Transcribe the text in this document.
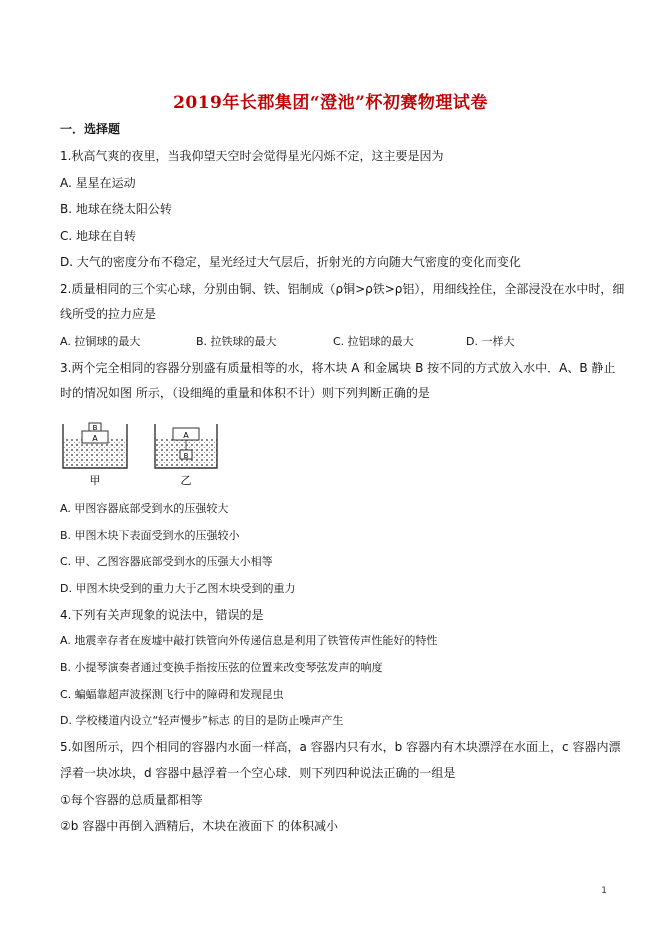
2019年长郡集团“澄池”杯初赛物理试卷
一．选择题
1.秋高气爽的夜里，当我仰望天空时会觉得星光闪烁不定，这主要是因为
A. 星星在运动
B. 地球在绕太阳公转
C. 地球在自转
D. 大气的密度分布不稳定，星光经过大气层后，折射光的方向随大气密度的变化而变化
2.质量相同的三个实心球，分别由铜、铁、铝制成（ρ铜>ρ铁>ρ铝），用细线拴住，全部浸没在水中时，细
线所受的拉力应是
A. 拉铜球的最大	B. 拉铁球的最大	C. 拉铝球的最大	D. 一样大
3.两个完全相同的容器分别盛有质量相等的水，将木块 A 和金属块 B 按不同的方式放入水中．A、B 静止
时的情况如图 所示，（设细绳的重量和体积不计）则下列判断正确的是
A
B
A
B
甲	乙
A. 甲图容器底部受到水的压强较大
B. 甲图木块下表面受到水的压强较小
C. 甲、乙图容器底部受到水的压强大小相等
D. 甲图木块受到的重力大于乙图木块受到的重力
4.下列有关声现象的说法中，错误的是
A. 地震幸存者在废墟中敲打铁管向外传递信息是利用了铁管传声性能好的特性
B. 小提琴演奏者通过变换手指按压弦的位置来改变琴弦发声的响度
C. 蝙蝠靠超声波探测飞行中的障碍和发现昆虫
D. 学校楼道内设立“轻声慢步”标志 的目的是防止噪声产生
5.如图所示，四个相同的容器内水面一样高，a 容器内只有水，b 容器内有木块漂浮在水面上，c 容器内漂
浮着一块冰块，d 容器中悬浮着一个空心球．则下列四种说法正确的一组是
①每个容器的总质量都相等
②b 容器中再倒入酒精后，木块在液面下 的体积减小
1
